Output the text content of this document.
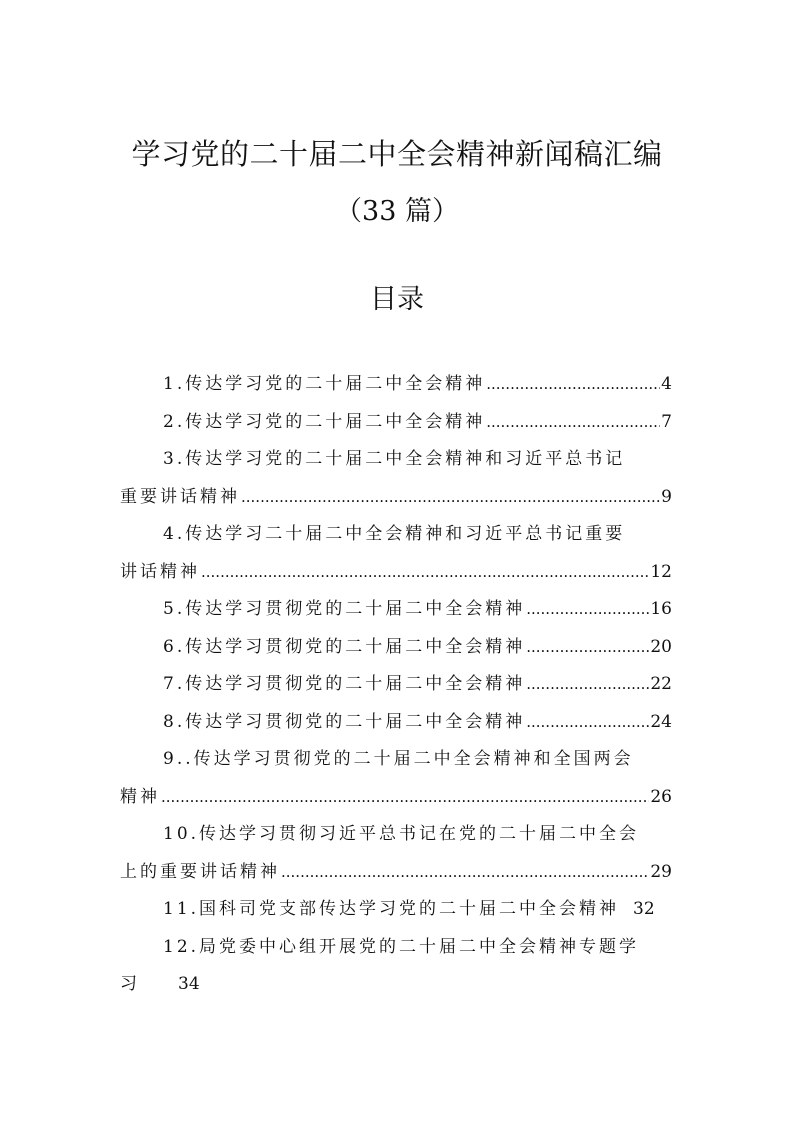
学习党的二十届二中全会精神新闻稿汇编
（33 篇）
目录
1.传达学习党的二十届二中全会精神 .....	4
2.传达学习党的二十届二中全会精神 .....	7
3.传达学习党的二十届二中全会精神和习近平总书记
重要讲话精神 .....	9
4.传达学习二十届二中全会精神和习近平总书记重要
讲话精神 .....	12
5.传达学习贯彻党的二十届二中全会精神 .....	16
6.传达学习贯彻党的二十届二中全会精神 .....	20
7.传达学习贯彻党的二十届二中全会精神 .....	22
8.传达学习贯彻党的二十届二中全会精神 .....	24
9..传达学习贯彻党的二十届二中全会精神和全国两会
精神 .....	26
10.传达学习贯彻习近平总书记在党的二十届二中全会
上的重要讲话精神 .....	29
11.国科司党支部传达学习党的二十届二中全会精神 32
12.局党委中心组开展党的二十届二中全会精神专题学
习 34
